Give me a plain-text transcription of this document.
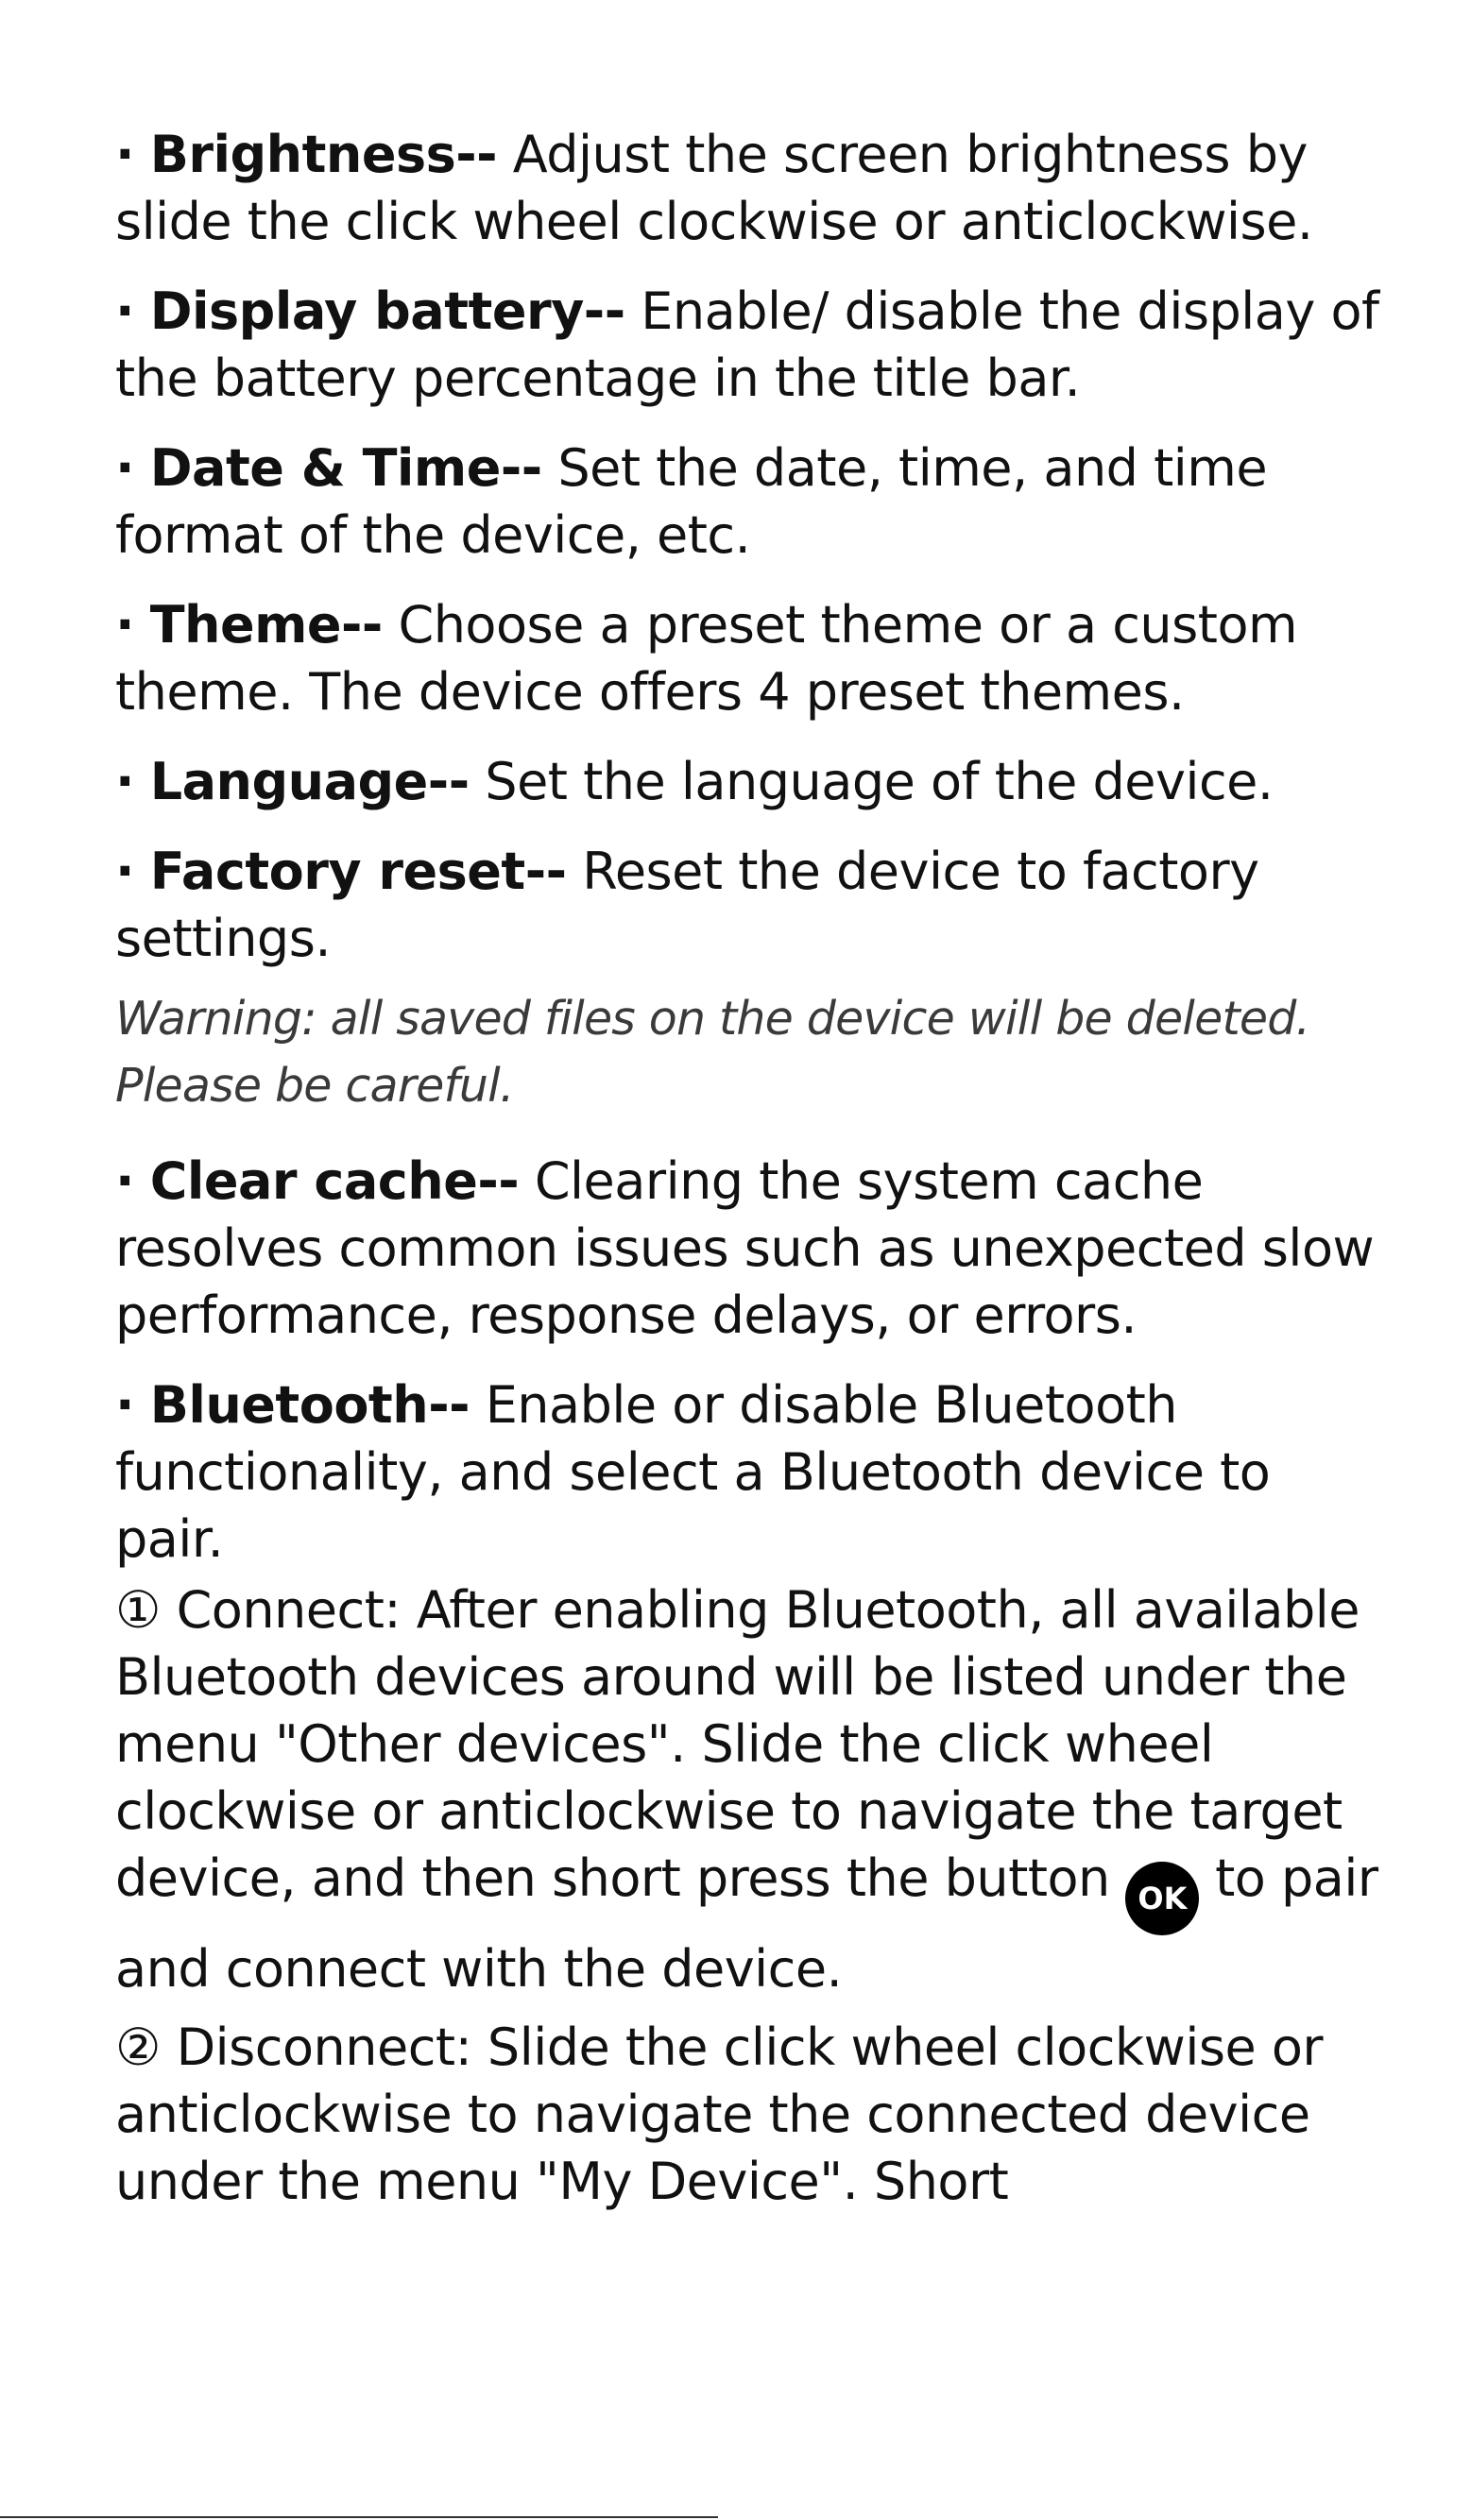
· Brightness-- Adjust the screen brightness by slide the click wheel clockwise or anticlockwise.

· Display battery-- Enable/ disable the display of the battery percentage in the title bar.

· Date & Time-- Set the date, time, and time format of the device, etc.

· Theme-- Choose a preset theme or a custom theme. The device offers 4 preset themes.

· Language-- Set the language of the device.

· Factory reset-- Reset the device to factory settings.

Warning: all saved files on the device will be deleted. Please be careful.

· Clear cache-- Clearing the system cache resolves common issues such as unexpected slow performance, response delays, or errors.

· Bluetooth-- Enable or disable Bluetooth functionality, and select a Bluetooth device to pair.

① Connect: After enabling Bluetooth, all available Bluetooth devices around will be listed under the menu "Other devices". Slide the click wheel clockwise or anticlockwise to navigate the target device, and then short press the button OK to pair and connect with the device.

② Disconnect: Slide the click wheel clockwise or anticlockwise to navigate the connected device under the menu "My Device". Short
